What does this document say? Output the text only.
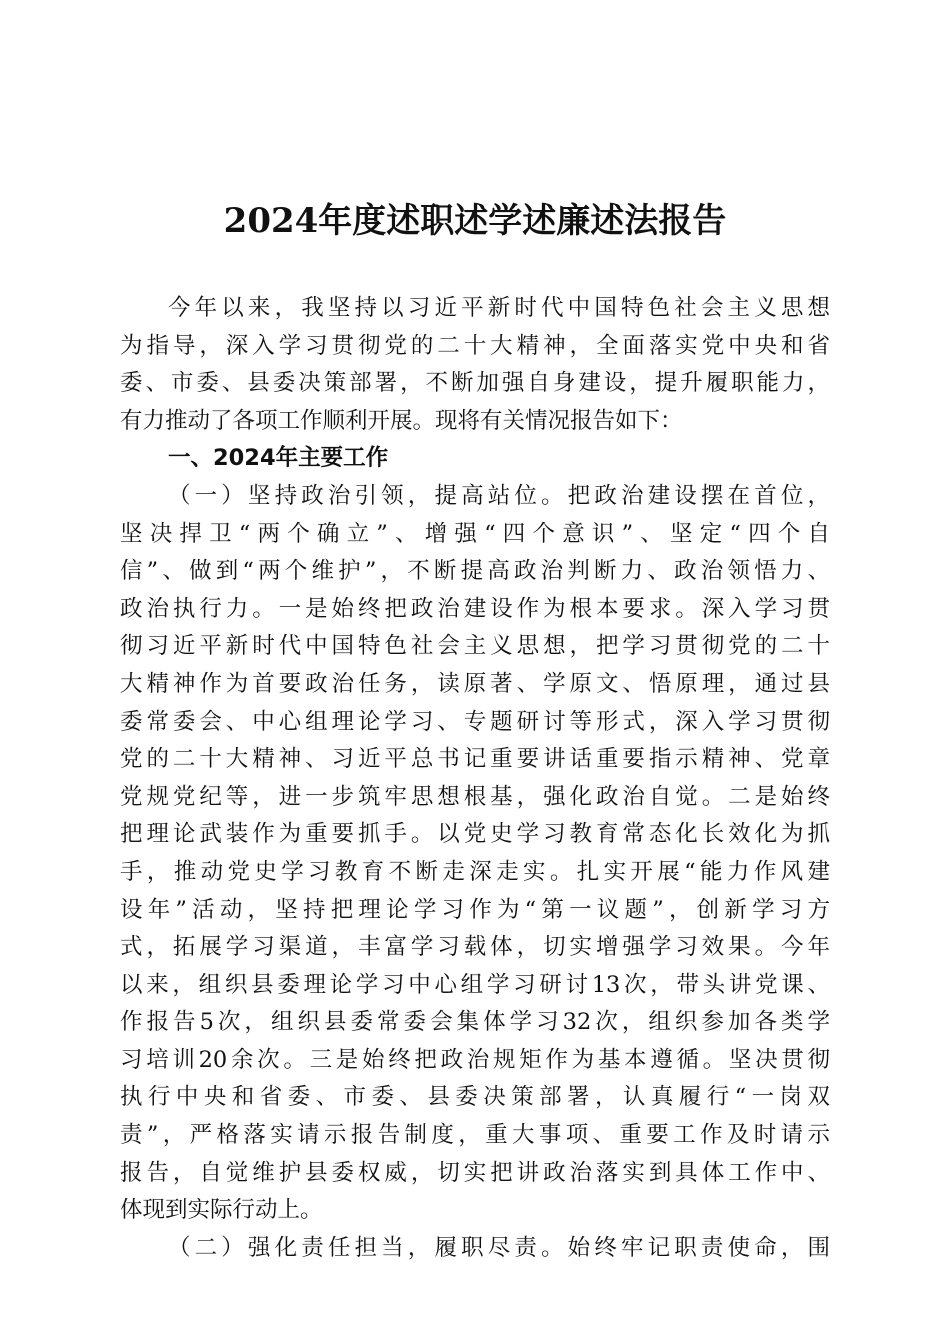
2024年度述职述学述廉述法报告
今年以来，我坚持以习近平新时代中国特色社会主义思想
为指导，深入学习贯彻党的二十大精神，全面落实党中央和省
委、市委、县委决策部署，不断加强自身建设，提升履职能力，
有力推动了各项工作顺利开展。现将有关情况报告如下：
一、2024年主要工作
（一）坚持政治引领，提高站位。把政治建设摆在首位，
坚决捍卫“两个确立”、增强“四个意识”、坚定“四个自
信”、做到“两个维护”，不断提高政治判断力、政治领悟力、
政治执行力。一是始终把政治建设作为根本要求。深入学习贯
彻习近平新时代中国特色社会主义思想，把学习贯彻党的二十
大精神作为首要政治任务，读原著、学原文、悟原理，通过县
委常委会、中心组理论学习、专题研讨等形式，深入学习贯彻
党的二十大精神、习近平总书记重要讲话重要指示精神、党章
党规党纪等，进一步筑牢思想根基，强化政治自觉。二是始终
把理论武装作为重要抓手。以党史学习教育常态化长效化为抓
手，推动党史学习教育不断走深走实。扎实开展“能力作风建
设年”活动，坚持把理论学习作为“第一议题”，创新学习方
式，拓展学习渠道，丰富学习载体，切实增强学习效果。今年
以来，组织县委理论学习中心组学习研讨13次，带头讲党课、
作报告5次，组织县委常委会集体学习32次，组织参加各类学
习培训20余次。三是始终把政治规矩作为基本遵循。坚决贯彻
执行中央和省委、市委、县委决策部署，认真履行“一岗双
责”，严格落实请示报告制度，重大事项、重要工作及时请示
报告，自觉维护县委权威，切实把讲政治落实到具体工作中、
体现到实际行动上。
（二）强化责任担当，履职尽责。始终牢记职责使命，围
